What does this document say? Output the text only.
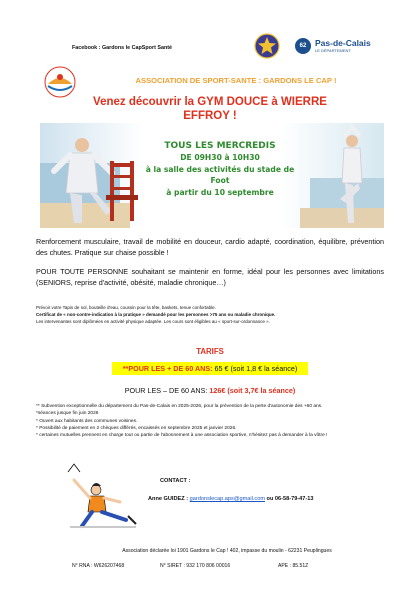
Facebook : Gardons le CapSport Santé	62	Pas-de-Calais
LE DÉPARTEMENT
ASSOCIATION DE SPORT-SANTE : GARDONS LE CAP !
Venez découvrir la GYM DOUCE à WIERRE
EFFROY !
TOUS LES MERCREDIS
DE 09H30 à 10H30
à la salle des activités du stade de Foot
à partir du 10 septembre
Renforcement musculaire, travail de mobilité en douceur, cardio adapté, coordination, équilibre, prévention des chutes. Pratique sur chaise possible !
POUR TOUTE PERSONNE souhaitant se maintenir en forme, idéal pour les personnes avec limitations (SENIORS, reprise d'activité, obésité, maladie chronique…)
Prévoir votre Tapis de sol, bouteille d'eau, coussin pour la tête, baskets, tenue confortable.
Certificat de « non-contre-indication à la pratique » demandé pour les personnes >75 ans ou maladie chronique.
Les intervenantes sont diplômées en activité physique adaptée. Les cours sont éligibles au « sport-sur-ordonnance ».
TARIFS
**POUR LES + DE 60 ANS: 65 € (soit 1,8 € la séance)
POUR LES – DE 60 ANS: 126€ (soit 3,7€ la séance)
** Subvention exceptionnelle du département du Pas-de-Calais en 2025-2026, pour la prévention de la perte d'autonomie des +60 ans.
*séances jusque fin juin 2026
* Ouvert aux habitants des communes voisines.
* Possibilité de paiement en 2 chèques différés, encaissés en septembre 2025 et janvier 2026.
* certaines mutuelles prennent en charge tout ou partie de l'abonnement à une association sportive, n'hésitez pas à demander à la vôtre !
CONTACT :
Anne GUIDEZ : gardonslecap.aps@gmail.com ou 06-58-79-47-13
Association déclarée loi 1901 Gardons le Cap ! 402, impasse du moulin - 62231 Peuplingues
N° RNA : W626207468	N° SIRET : 932 170 806 00016	APE : 85.51Z
